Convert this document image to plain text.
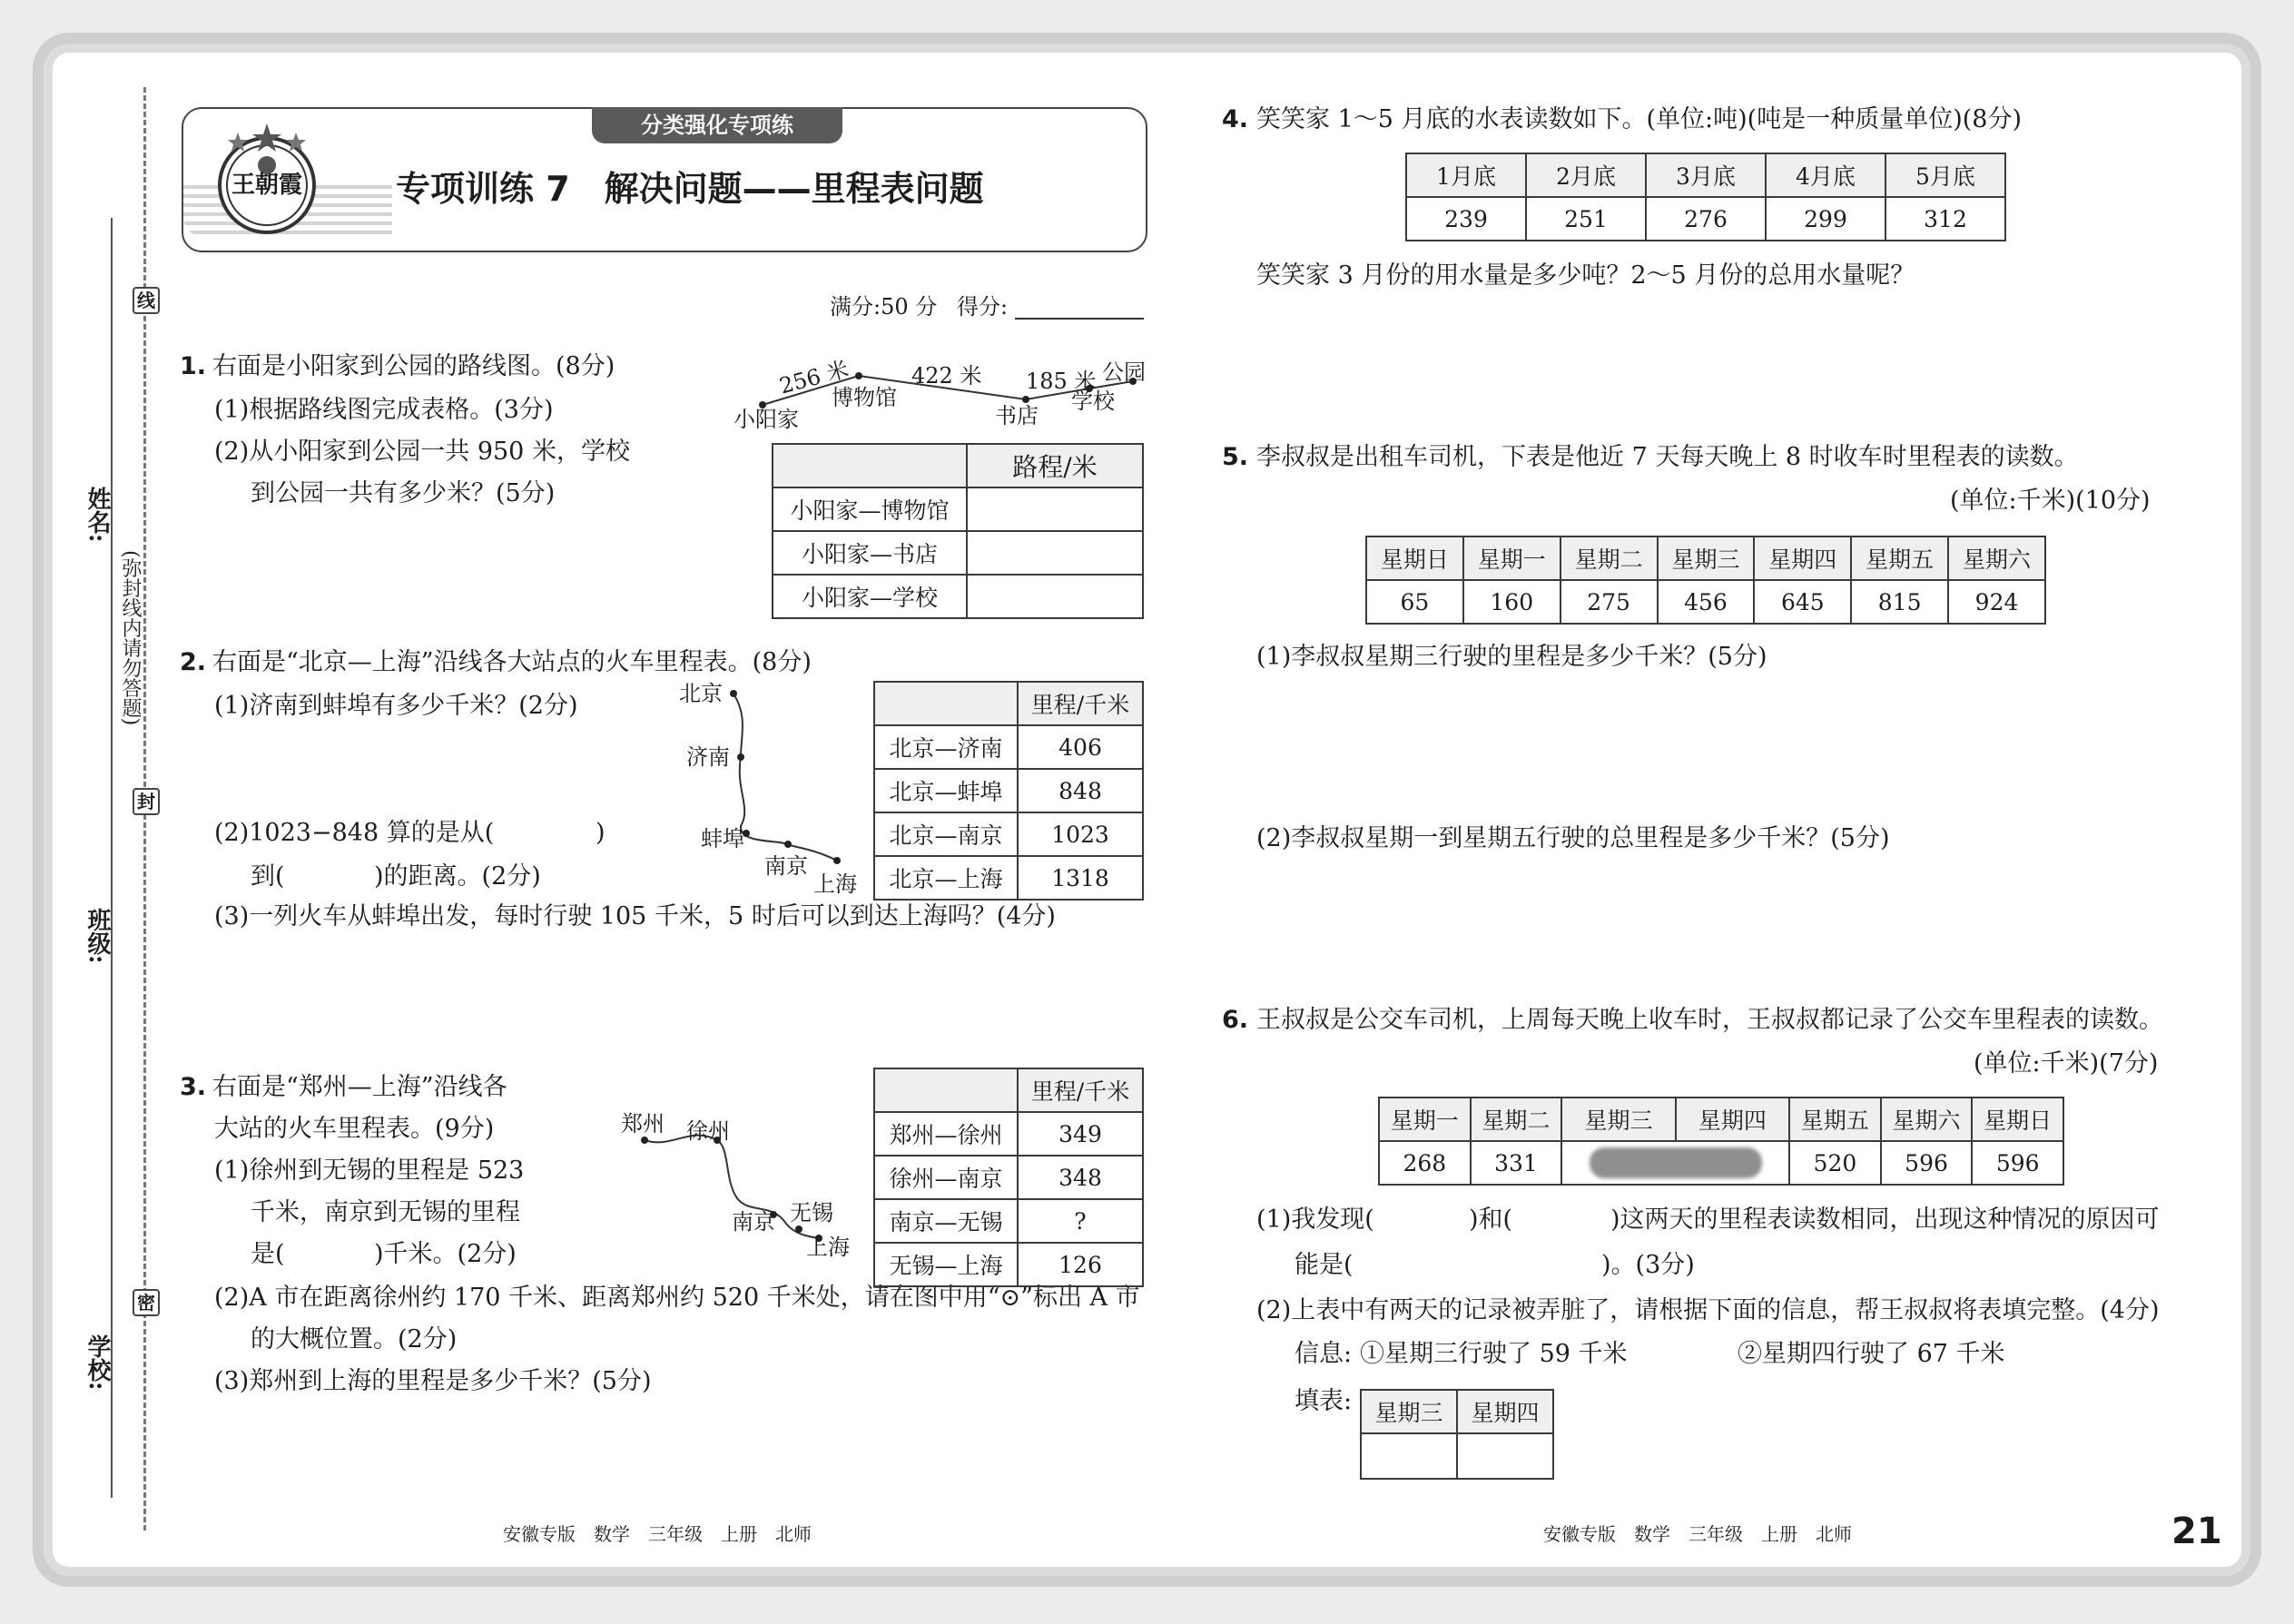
线
封
密
姓名:
班级:
学校:
(弥封线内请勿答题)
分类强化专项练
王朝霞	专项训练 7　解决问题——里程表问题
满分:50 分 得分:
1. 右面是小阳家到公园的路线图。(8分)
(1)根据路线图完成表格。(3分)
(2)从小阳家到公园一共 950 米，学校
到公园一共有多少米？(5分)
256 米	422 米 185 米
小阳家
博物馆
书店
学校
公园
	路程/米
小阳家—博物馆	
小阳家—书店	
小阳家—学校	
2. 右面是“北京—上海”沿线各大站点的火车里程表。(8分)
(1)济南到蚌埠有多少千米？(2分)
(2)1023−848 算的是从(	)
到(	)的距离。(2分)
(3)一列火车从蚌埠出发，每时行驶 105 千米，5 时后可以到达上海吗？(4分)
北京
济南
蚌埠
南京
上海
	里程/千米
北京—济南	406
北京—蚌埠	848
北京—南京	1023
北京—上海	1318
3. 右面是“郑州—上海”沿线各
大站的火车里程表。(9分)
(1)徐州到无锡的里程是 523
千米，南京到无锡的里程
是(	)千米。(2分)
(2)A 市在距离徐州约 170 千米、距离郑州约 520 千米处，请在图中用“⊙”标出 A 市
的大概位置。(2分)
(3)郑州到上海的里程是多少千米？(5分)
郑州 徐州
南京 无锡
上海
	里程/千米
郑州—徐州	349
徐州—南京	348
南京—无锡	?
无锡—上海	126
4. 笑笑家 1～5 月底的水表读数如下。(单位:吨)(吨是一种质量单位)(8分)
1月底	2月底	3月底	4月底	5月底
239	251	276	299	312
笑笑家 3 月份的用水量是多少吨？2～5 月份的总用水量呢？
5. 李叔叔是出租车司机，下表是他近 7 天每天晚上 8 时收车时里程表的读数。
(单位:千米)(10分)
星期日	星期一	星期二	星期三	星期四	星期五	星期六
65	160	275	456	645	815	924
(1)李叔叔星期三行驶的里程是多少千米？(5分)
(2)李叔叔星期一到星期五行驶的总里程是多少千米？(5分)
6. 王叔叔是公交车司机，上周每天晚上收车时，王叔叔都记录了公交车里程表的读数。
(单位:千米)(7分)
星期一	星期二	星期三	星期四	星期五	星期六	星期日
268	331			520	596	596
(1)我发现(	)和(	)这两天的里程表读数相同，出现这种情况的原因可
能是(	)。(3分)
(2)上表中有两天的记录被弄脏了，请根据下面的信息，帮王叔叔将表填完整。(4分)
信息: ①星期三行驶了 59 千米	②星期四行驶了 67 千米
填表: 星期三	星期四

安徽专版　数学　三年级　上册　北师	安徽专版　数学　三年级　上册　北师	21
